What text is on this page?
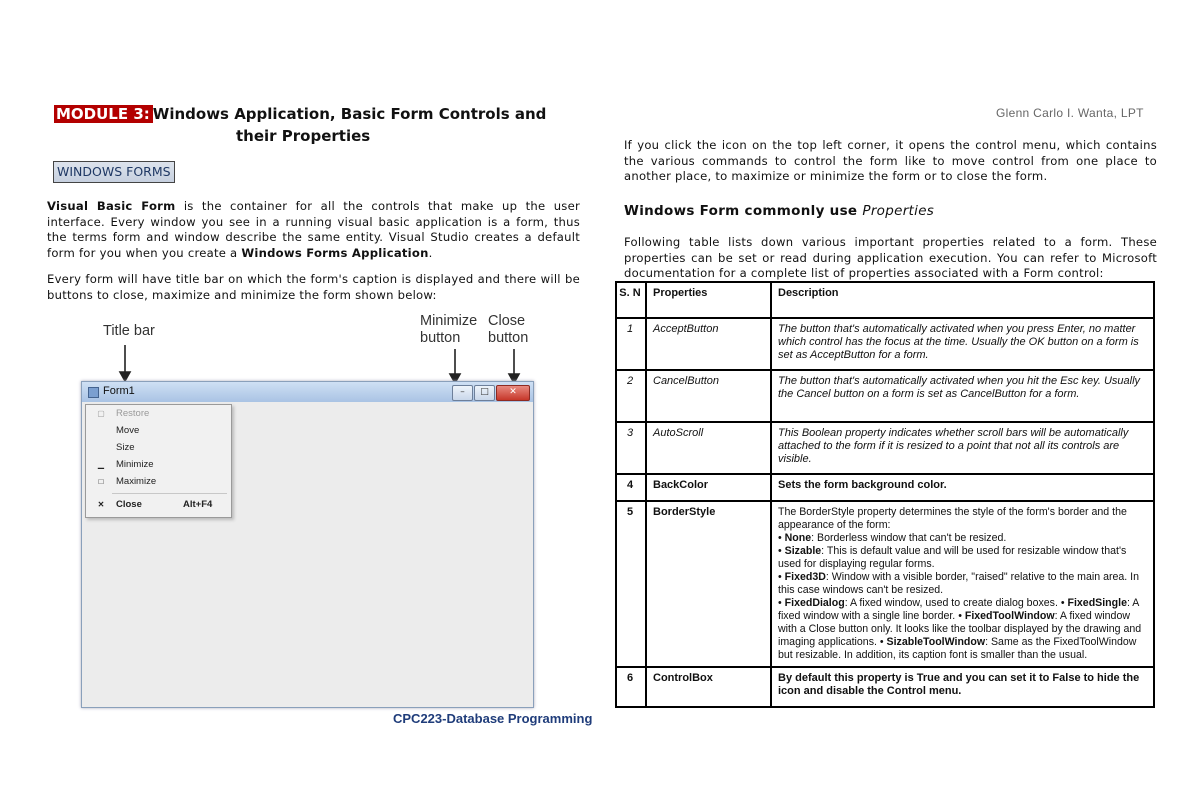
MODULE 3: Windows Application, Basic Form Controls and
their Properties
WINDOWS FORMS
Visual Basic Form is the container for all the controls that make up the user interface. Every window you see in a running visual basic application is a form, thus the terms form and window describe the same entity. Visual Studio creates a default form for you when you create a Windows Forms Application.
Every form will have title bar on which the form's caption is displayed and there will be buttons to close, maximize and minimize the form shown below:
Title bar
Minimize button
Close button
Form1	–	□	✕
▢ Restore
Move
Size
▁	Minimize
□	Maximize
✕ Close	Alt+F4
CPC223-Database Programming
Glenn Carlo I. Wanta, LPT
If you click the icon on the top left corner, it opens the control menu, which contains the various commands to control the form like to move control from one place to another place, to maximize or minimize the form or to close the form.
Windows Form commonly use Properties
Following table lists down various important properties related to a form. These properties can be set or read during application execution. You can refer to Microsoft documentation for a complete list of properties associated with a Form control:
S. N	Properties	Description
1	AcceptButton	The button that's automatically activated when you press Enter, no matter which control has the focus at the time. Usually the OK button on a form is set as AcceptButton for a form.
2	CancelButton	The button that's automatically activated when you hit the Esc key. Usually the Cancel button on a form is set as CancelButton for a form.
3	AutoScroll	This Boolean property indicates whether scroll bars will be automatically attached to the form if it is resized to a point that not all its controls are visible.
4	BackColor	Sets the form background color.
5	BorderStyle	The BorderStyle property determines the style of the form's border and the appearance of the form:
• None: Borderless window that can't be resized.
• Sizable: This is default value and will be used for resizable window that's used for displaying regular forms.
• Fixed3D: Window with a visible border, "raised" relative to the main area. In this case windows can't be resized.
• FixedDialog: A fixed window, used to create dialog boxes. • FixedSingle: A fixed window with a single line border. • FixedToolWindow: A fixed window with a Close button only. It looks like the toolbar displayed by the drawing and imaging applications. • SizableToolWindow: Same as the FixedToolWindow but resizable. In addition, its caption font is smaller than the usual.

6	ControlBox	By default this property is True and you can set it to False to hide the icon and disable the Control menu.
